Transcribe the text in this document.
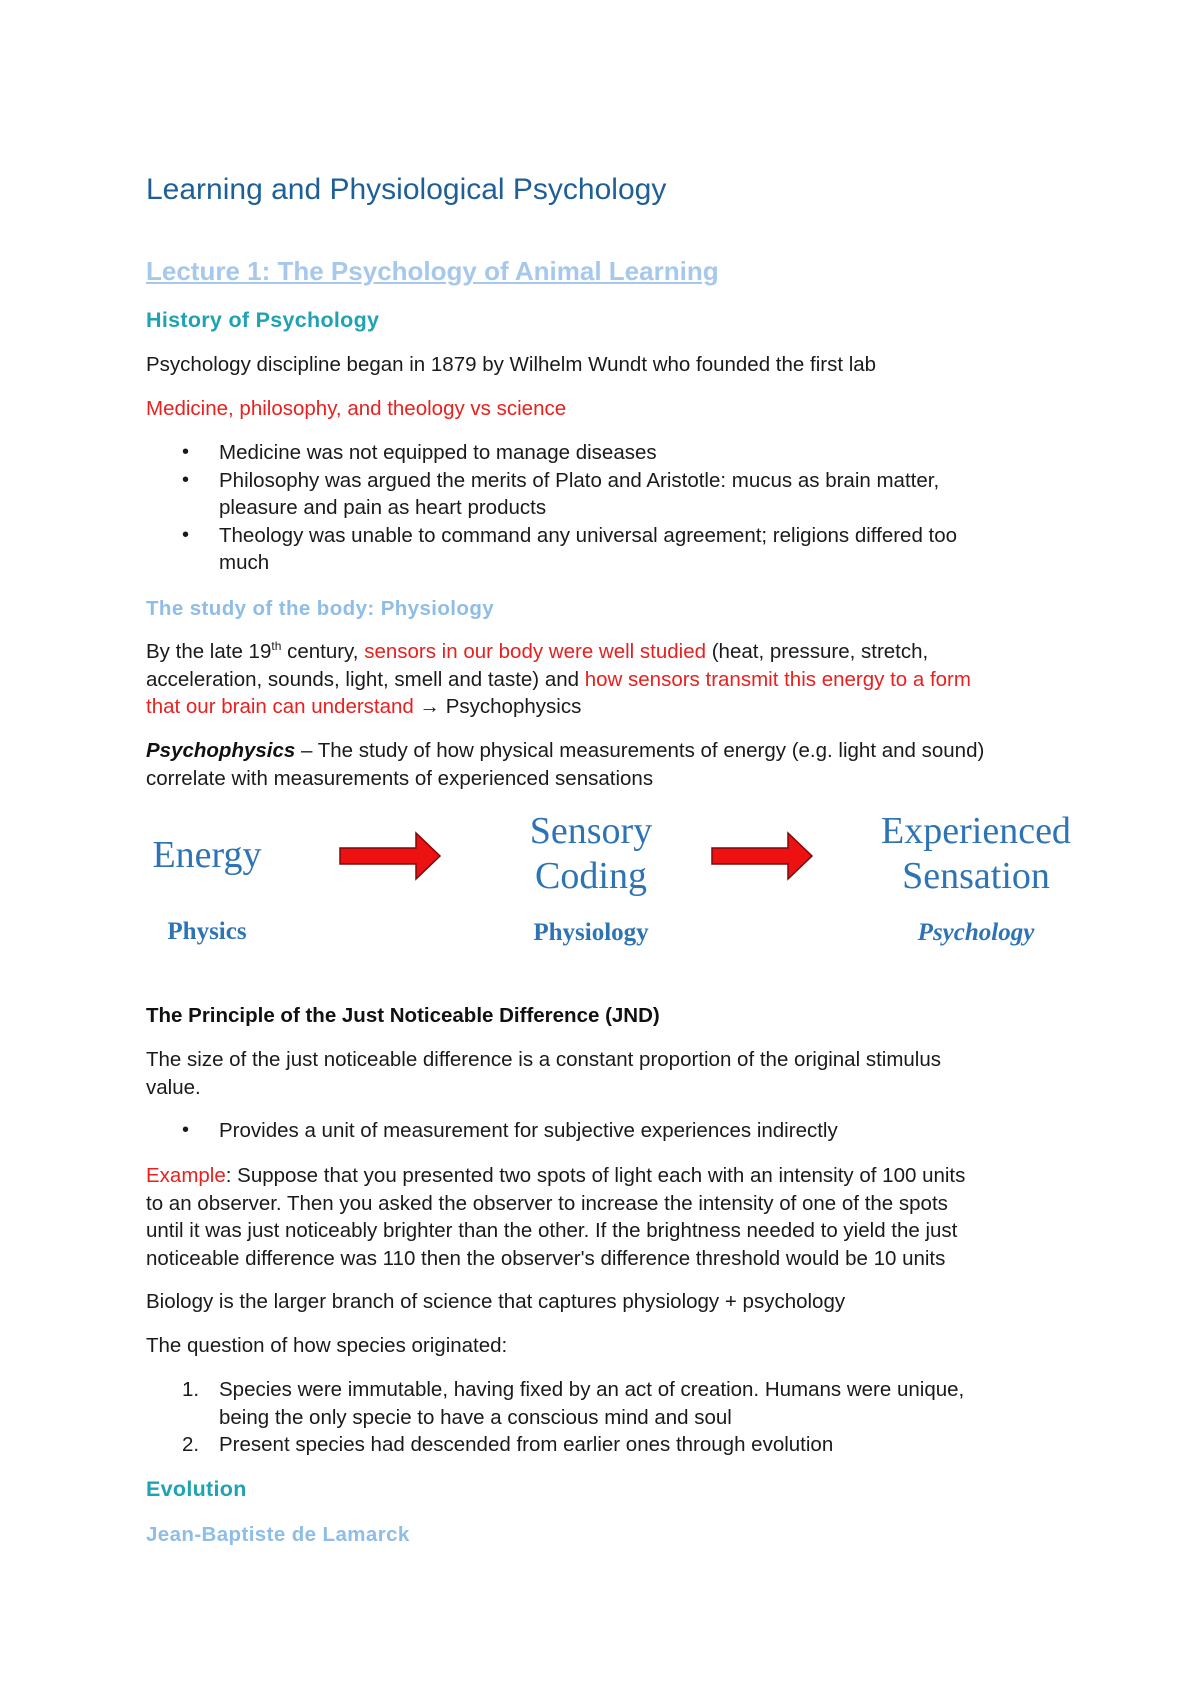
Learning and Physiological Psychology
Lecture 1: The Psychology of Animal Learning
History of Psychology
Psychology discipline began in 1879 by Wilhelm Wundt who founded the first lab
Medicine, philosophy, and theology vs science
• Medicine was not equipped to manage diseases
• Philosophy was argued the merits of Plato and Aristotle: mucus as brain matter,
pleasure and pain as heart products
• Theology was unable to command any universal agreement; religions differed too
much
The study of the body: Physiology
By the late 19th century, sensors in our body were well studied (heat, pressure, stretch,
acceleration, sounds, light, smell and taste) and how sensors transmit this energy to a form
that our brain can understand → Psychophysics
Psychophysics – The study of how physical measurements of energy (e.g. light and sound)
correlate with measurements of experienced sensations
Energy
Physics
Sensory
Coding
Physiology
Experienced
Sensation
Psychology
The Principle of the Just Noticeable Difference (JND)
The size of the just noticeable difference is a constant proportion of the original stimulus
value.
• Provides a unit of measurement for subjective experiences indirectly
Example: Suppose that you presented two spots of light each with an intensity of 100 units
to an observer. Then you asked the observer to increase the intensity of one of the spots
until it was just noticeably brighter than the other. If the brightness needed to yield the just
noticeable difference was 110 then the observer's difference threshold would be 10 units
Biology is the larger branch of science that captures physiology + psychology
The question of how species originated:
1. Species were immutable, having fixed by an act of creation. Humans were unique,
being the only specie to have a conscious mind and soul
2. Present species had descended from earlier ones through evolution
Evolution
Jean-Baptiste de Lamarck
